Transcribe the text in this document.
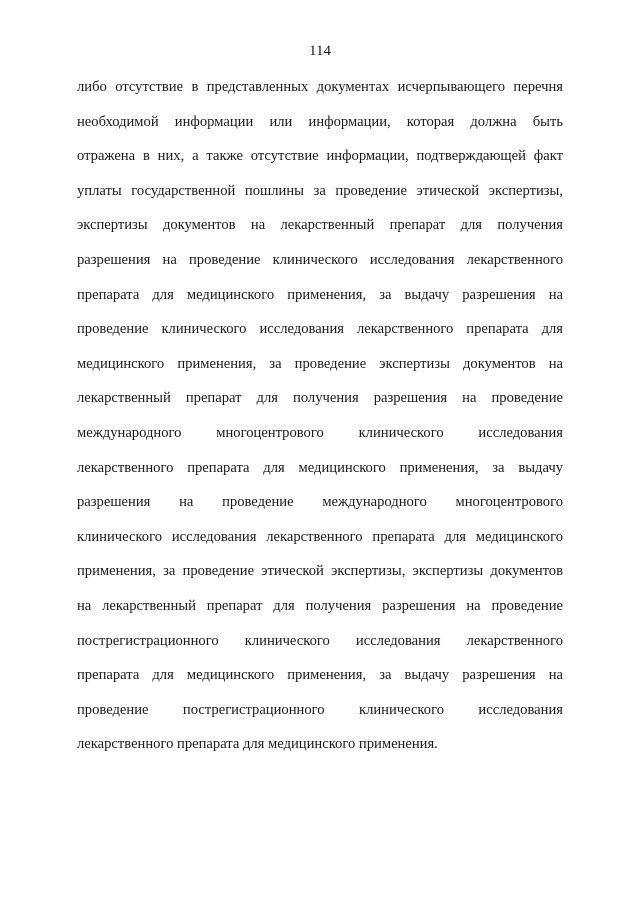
114
либо отсутствие в представленных документах исчерпывающего перечня
необходимой информации или информации, которая должна быть
отражена в них, а также отсутствие информации, подтверждающей факт
уплаты государственной пошлины за проведение этической экспертизы,
экспертизы документов на лекарственный препарат для получения
разрешения на проведение клинического исследования лекарственного
препарата для медицинского применения, за выдачу разрешения на
проведение клинического исследования лекарственного препарата для
медицинского применения, за проведение экспертизы документов на
лекарственный препарат для получения разрешения на проведение
международного многоцентрового клинического исследования
лекарственного препарата для медицинского применения, за выдачу
разрешения на проведение международного многоцентрового
клинического исследования лекарственного препарата для медицинского
применения, за проведение этической экспертизы, экспертизы документов
на лекарственный препарат для получения разрешения на проведение
пострегистрационного клинического исследования лекарственного
препарата для медицинского применения, за выдачу разрешения на
проведение пострегистрационного клинического исследования
лекарственного препарата для медицинского применения.
